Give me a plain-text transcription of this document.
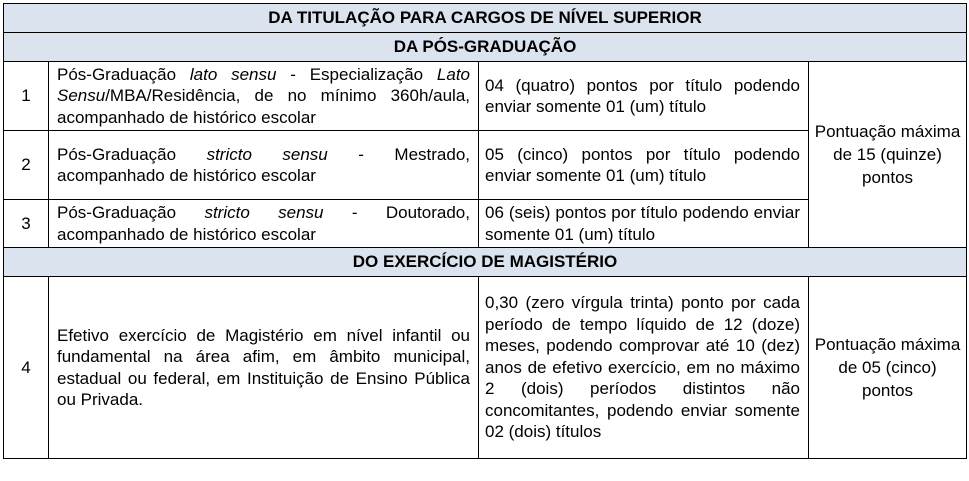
DA TITULAÇÃO PARA CARGOS DE NÍVEL SUPERIOR			
DA PÓS-GRADUAÇÃO			
1	Pós-Graduação lato sensu - Especialização Lato Sensu/MBA/Residência, de no mínimo 360h/aula, acompanhado de histórico escolar	04 (quatro) pontos por título podendo enviar somente 01 (um) título	Pontuação máxima de 15 (quinze) pontos
2	Pós-Graduação stricto sensu - Mestrado, acompanhado de histórico escolar	05 (cinco) pontos por título podendo enviar somente 01 (um) título	
3	Pós-Graduação stricto sensu - Doutorado, acompanhado de histórico escolar	06 (seis) pontos por título podendo enviar somente 01 (um) título	
DO EXERCÍCIO DE MAGISTÉRIO			
4	Efetivo exercício de Magistério em nível infantil ou fundamental na área afim, em âmbito municipal, estadual ou federal, em Instituição de Ensino Pública ou Privada.	0,30 (zero vírgula trinta) ponto por cada período de tempo líquido de 12 (doze) meses, podendo comprovar até 10 (dez) anos de efetivo exercício, em no máximo 2 (dois) períodos distintos não concomitantes, podendo enviar somente 02 (dois) títulos	Pontuação máxima de 05 (cinco) pontos
